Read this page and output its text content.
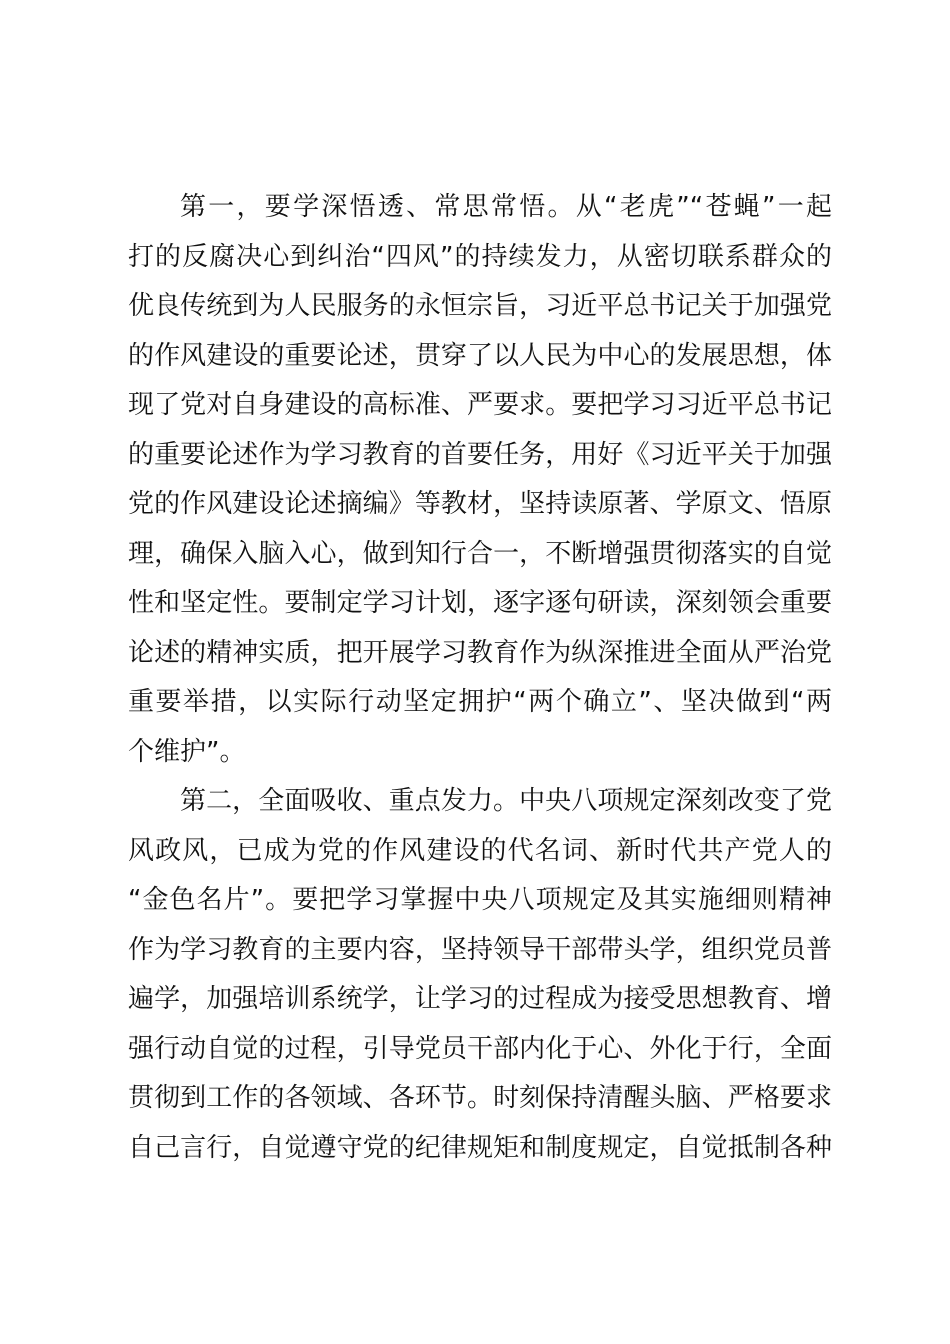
第一，要学深悟透、常思常悟。从“老虎”“苍蝇”一起
打的反腐决心到纠治“四风”的持续发力，从密切联系群众的
优良传统到为人民服务的永恒宗旨，习近平总书记关于加强党
的作风建设的重要论述，贯穿了以人民为中心的发展思想，体
现了党对自身建设的高标准、严要求。要把学习习近平总书记
的重要论述作为学习教育的首要任务，用好《习近平关于加强
党的作风建设论述摘编》等教材，坚持读原著、学原文、悟原
理，确保入脑入心，做到知行合一，不断增强贯彻落实的自觉
性和坚定性。要制定学习计划，逐字逐句研读，深刻领会重要
论述的精神实质，把开展学习教育作为纵深推进全面从严治党
重要举措，以实际行动坚定拥护“两个确立”、坚决做到“两
个维护”。
第二，全面吸收、重点发力。中央八项规定深刻改变了党
风政风，已成为党的作风建设的代名词、新时代共产党人的
“金色名片”。要把学习掌握中央八项规定及其实施细则精神
作为学习教育的主要内容，坚持领导干部带头学，组织党员普
遍学，加强培训系统学，让学习的过程成为接受思想教育、增
强行动自觉的过程，引导党员干部内化于心、外化于行，全面
贯彻到工作的各领域、各环节。时刻保持清醒头脑、严格要求
自己言行，自觉遵守党的纪律规矩和制度规定，自觉抵制各种
